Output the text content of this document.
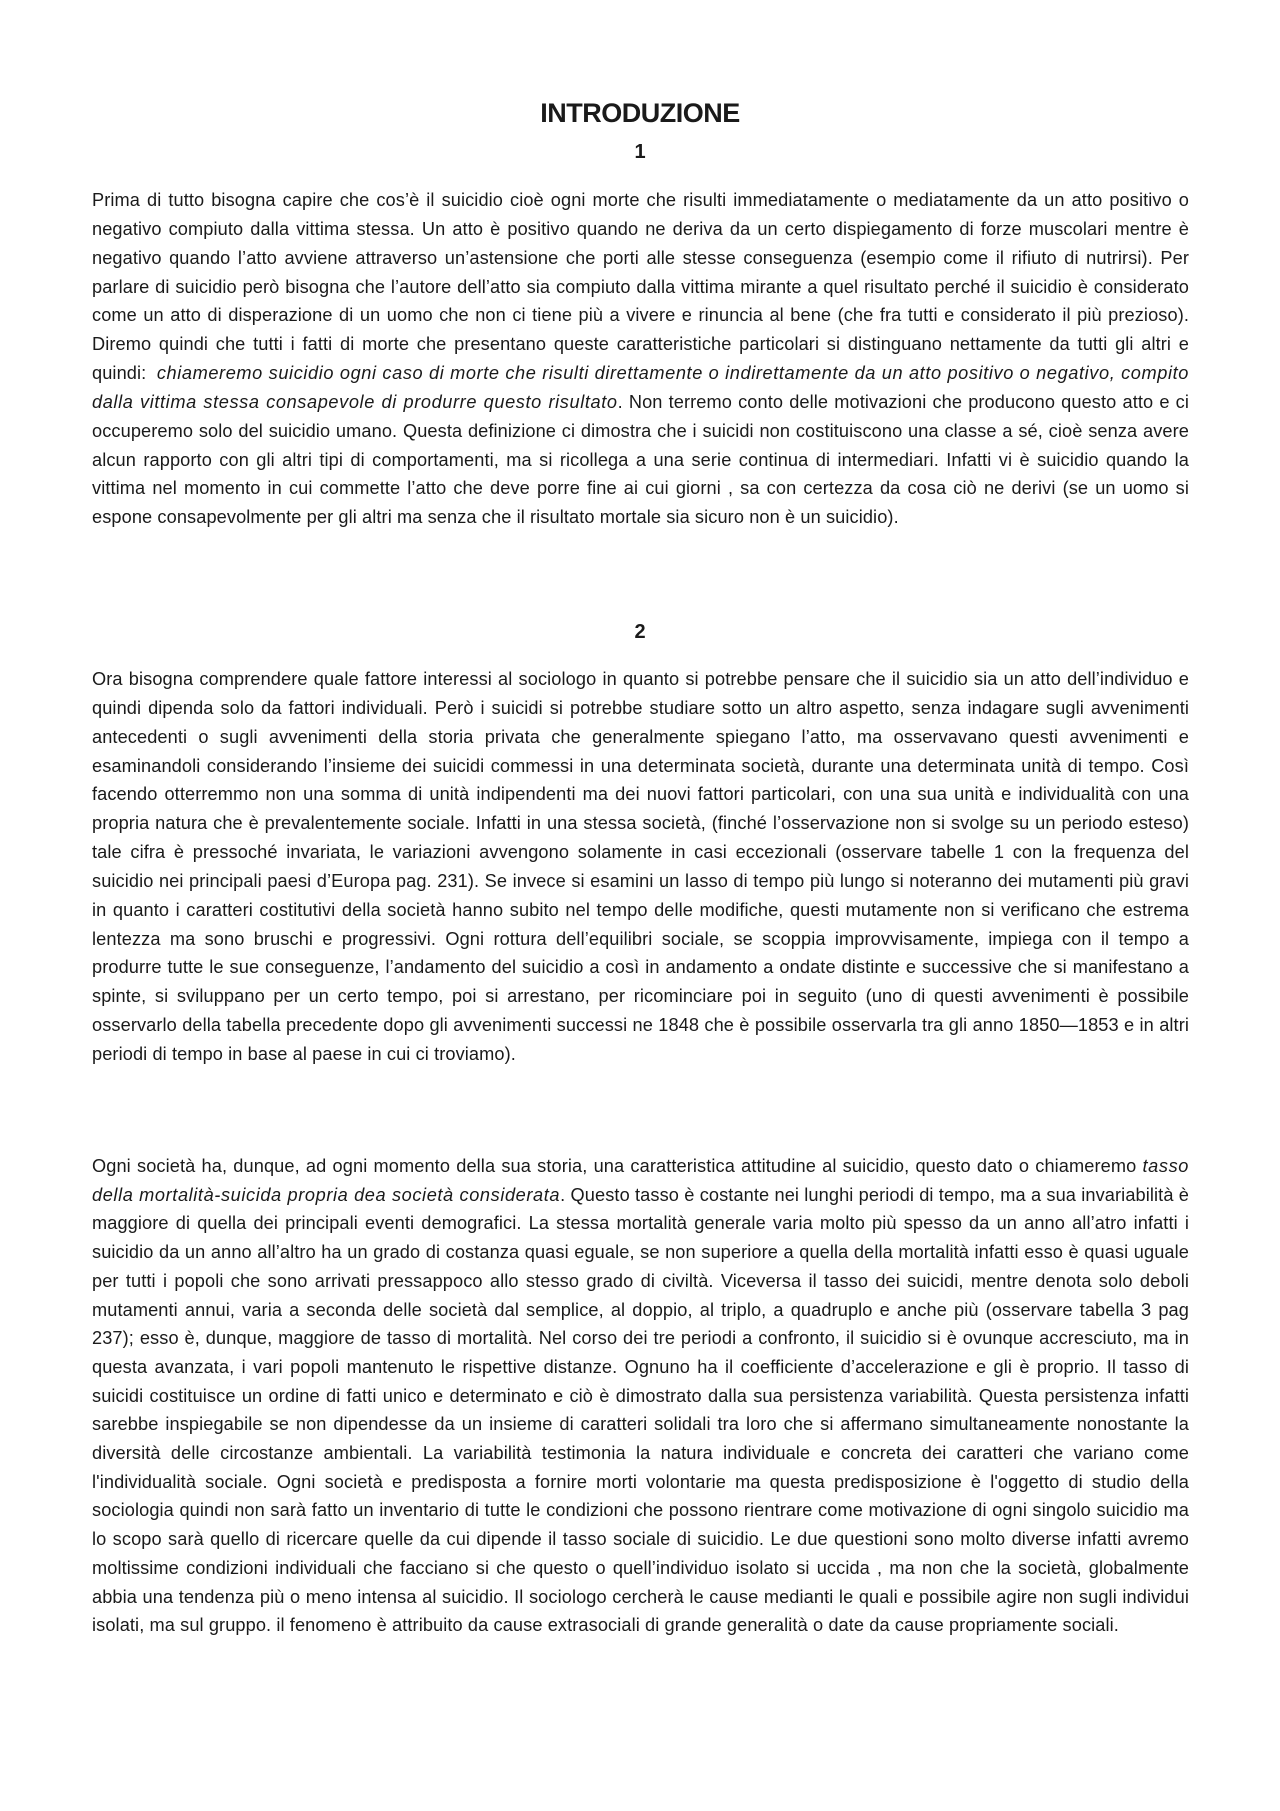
INTRODUZIONE
1

Prima di tutto bisogna capire che cos’è il suicidio cioè ogni morte che risulti immediatamente o mediatamente da un atto positivo o negativo compiuto dalla vittima stessa. Un atto è positivo quando ne deriva da un certo dispiegamento di forze muscolari mentre è negativo quando l’atto avviene attraverso un’astensione che porti alle stesse conseguenza (esempio come il rifiuto di nutrirsi). Per parlare di suicidio però bisogna che l’autore dell’atto sia compiuto dalla vittima mirante a quel risultato perché il suicidio è considerato come un atto di disperazione di un uomo che non ci tiene più a vivere e rinuncia al bene (che fra tutti e considerato il più prezioso). Diremo quindi che tutti i fatti di morte che presentano queste caratteristiche particolari si distinguano nettamente da tutti gli altri e quindi: chiameremo suicidio ogni caso di morte che risulti direttamente o indirettamente da un atto positivo o negativo, compito dalla vittima stessa consapevole di produrre questo risultato. Non terremo conto delle motivazioni che producono questo atto e ci occuperemo solo del suicidio umano. Questa definizione ci dimostra che i suicidi non costituiscono una classe a sé, cioè senza avere alcun rapporto con gli altri tipi di comportamenti, ma si ricollega a una serie continua di intermediari. Infatti vi è suicidio quando la vittima nel momento in cui commette l’atto che deve porre fine ai cui giorni , sa con certezza da cosa ciò ne derivi (se un uomo si espone consapevolmente per gli altri ma senza che il risultato mortale sia sicuro non è un suicidio).

2

Ora bisogna comprendere quale fattore interessi al sociologo in quanto si potrebbe pensare che il suicidio sia un atto dell’individuo e quindi dipenda solo da fattori individuali. Però i suicidi si potrebbe studiare sotto un altro aspetto, senza indagare sugli avvenimenti antecedenti o sugli avvenimenti della storia privata che generalmente spiegano l’atto, ma osservavano questi avvenimenti e esaminandoli considerando l’insieme dei suicidi commessi in una determinata società, durante una determinata unità di tempo. Così facendo otterremmo non una somma di unità indipendenti ma dei nuovi fattori particolari, con una sua unità e individualità con una propria natura che è prevalentemente sociale. Infatti in una stessa società, (finché l’osservazione non si svolge su un periodo esteso) tale cifra è pressoché invariata, le variazioni avvengono solamente in casi eccezionali (osservare tabelle 1 con la frequenza del suicidio nei principali paesi d’Europa pag. 231). Se invece si esamini un lasso di tempo più lungo si noteranno dei mutamenti più gravi in quanto i caratteri costitutivi della società hanno subito nel tempo delle modifiche, questi mutamente non si verificano che estrema lentezza ma sono bruschi e progressivi. Ogni rottura dell’equilibri sociale, se scoppia improvvisamente, impiega con il tempo a produrre tutte le sue conseguenze, l’andamento del suicidio a così in andamento a ondate distinte e successive che si manifestano a spinte, si sviluppano per un certo tempo, poi si arrestano, per ricominciare poi in seguito (uno di questi avvenimenti è possibile osservarlo della tabella precedente dopo gli avvenimenti successi ne 1848 che è possibile osservarla tra gli anno 1850—1853 e in altri periodi di tempo in base al paese in cui ci troviamo).

Ogni società ha, dunque, ad ogni momento della sua storia, una caratteristica attitudine al suicidio, questo dato o chiameremo tasso della mortalità-suicida propria dea società considerata. Questo tasso è costante nei lunghi periodi di tempo, ma a sua invariabilità è maggiore di quella dei principali eventi demografici. La stessa mortalità generale varia molto più spesso da un anno all’atro infatti i suicidio da un anno all’altro ha un grado di costanza quasi eguale, se non superiore a quella della mortalità infatti esso è quasi uguale per tutti i popoli che sono arrivati pressappoco allo stesso grado di civiltà. Viceversa il tasso dei suicidi, mentre denota solo deboli mutamenti annui, varia a seconda delle società dal semplice, al doppio, al triplo, a quadruplo e anche più (osservare tabella 3 pag 237); esso è, dunque, maggiore de tasso di mortalità. Nel corso dei tre periodi a confronto, il suicidio si è ovunque accresciuto, ma in questa avanzata, i vari popoli mantenuto le rispettive distanze. Ognuno ha il coefficiente d’accelerazione e gli è proprio. Il tasso di suicidi costituisce un ordine di fatti unico e determinato e ciò è dimostrato dalla sua persistenza variabilità. Questa persistenza infatti sarebbe inspiegabile se non dipendesse da un insieme di caratteri solidali tra loro che si affermano simultaneamente nonostante la diversità delle circostanze ambientali. La variabilità testimonia la natura individuale e concreta dei caratteri che variano come l'individualità sociale. Ogni società e predisposta a fornire morti volontarie ma questa predisposizione è l'oggetto di studio della sociologia quindi non sarà fatto un inventario di tutte le condizioni che possono rientrare come motivazione di ogni singolo suicidio ma lo scopo sarà quello di ricercare quelle da cui dipende il tasso sociale di suicidio. Le due questioni sono molto diverse infatti avremo moltissime condizioni individuali che facciano si che questo o quell’individuo isolato si uccida , ma non che la società, globalmente abbia una tendenza più o meno intensa al suicidio. Il sociologo cercherà le cause medianti le quali e possibile agire non sugli individui isolati, ma sul gruppo. il fenomeno è attribuito da cause extrasociali di grande generalità o date da cause propriamente sociali.
